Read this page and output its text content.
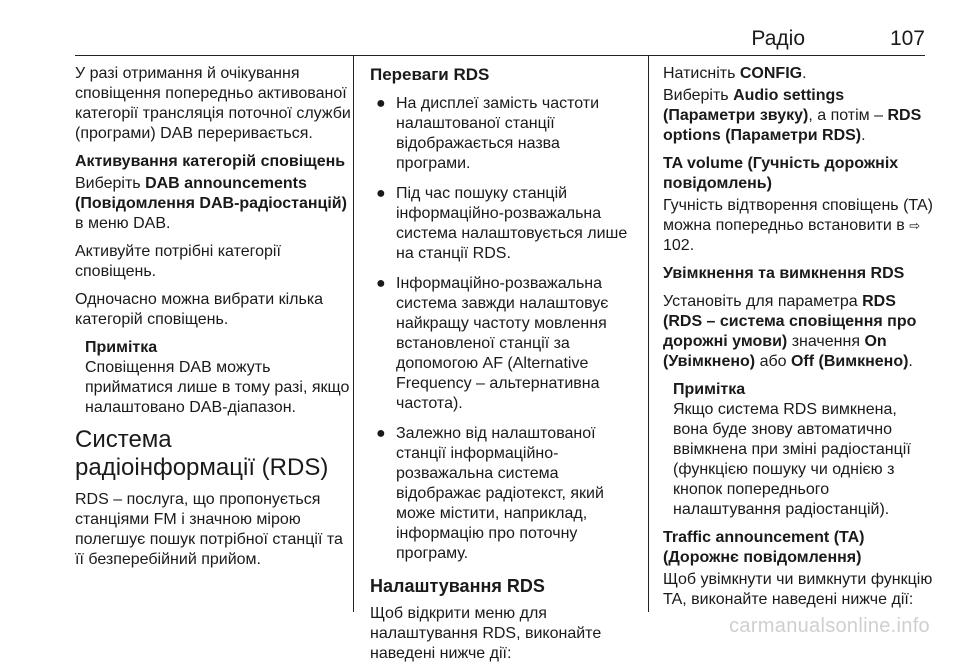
Радіо	107

У разі отримання й очікування сповіщення попередньо активованої категорії трансляція поточної служби (програми) DAB переривається.

Активування категорій сповіщень

Виберіть DAB announcements (Повідомлення DAB-радіостанцій) в меню DAB.

Активуйте потрібні категорії сповіщень.

Одночасно можна вибрати кілька категорій сповіщень.

Примітка
Сповіщення DAB можуть прийматися лише в тому разі, якщо налаштовано DAB-діапазон.
Система радіоінформації (RDS)

RDS – послуга, що пропонується станціями FM і значною мірою полегшує пошук потрібної станції та її безперебійний прийом.

Переваги RDS
● На дисплеї замість частоти налаштованої станції відображається назва програми.
● Під час пошуку станцій інформаційно-розважальна система налаштовується лише на станції RDS.
● Інформаційно-розважальна система завжди налаштовує найкращу частоту мовлення встановленої станції за допомогою AF (Alternative Frequency – альтернативна частота).
● Залежно від налаштованої станції інформаційно-розважальна система відображає радіотекст, який може містити, наприклад, інформацію про поточну програму.
Налаштування RDS

Щоб відкрити меню для налаштування RDS, виконайте наведені нижче дії:

Натисніть CONFIG.

Виберіть Audio settings (Параметри звуку), а потім – RDS options (Параметри RDS).

TA volume (Гучність дорожніх повідомлень)

Гучність відтворення сповіщень (TA) можна попередньо встановити в ⇨ 102.

Увімкнення та вимкнення RDS

Установіть для параметра RDS (RDS – система сповіщення про дорожні умови) значення On (Увімкнено) або Off (Вимкнено).

Примітка
Якщо система RDS вимкнена, вона буде знову автоматично ввімкнена при зміні радіостанції (функцією пошуку чи однією з кнопок попереднього налаштування радіостанцій).

Traffic announcement (TA) (Дорожнє повідомлення)

Щоб увімкнути чи вимкнути функцію TA, виконайте наведені нижче дії:

carmanualsonline.info
